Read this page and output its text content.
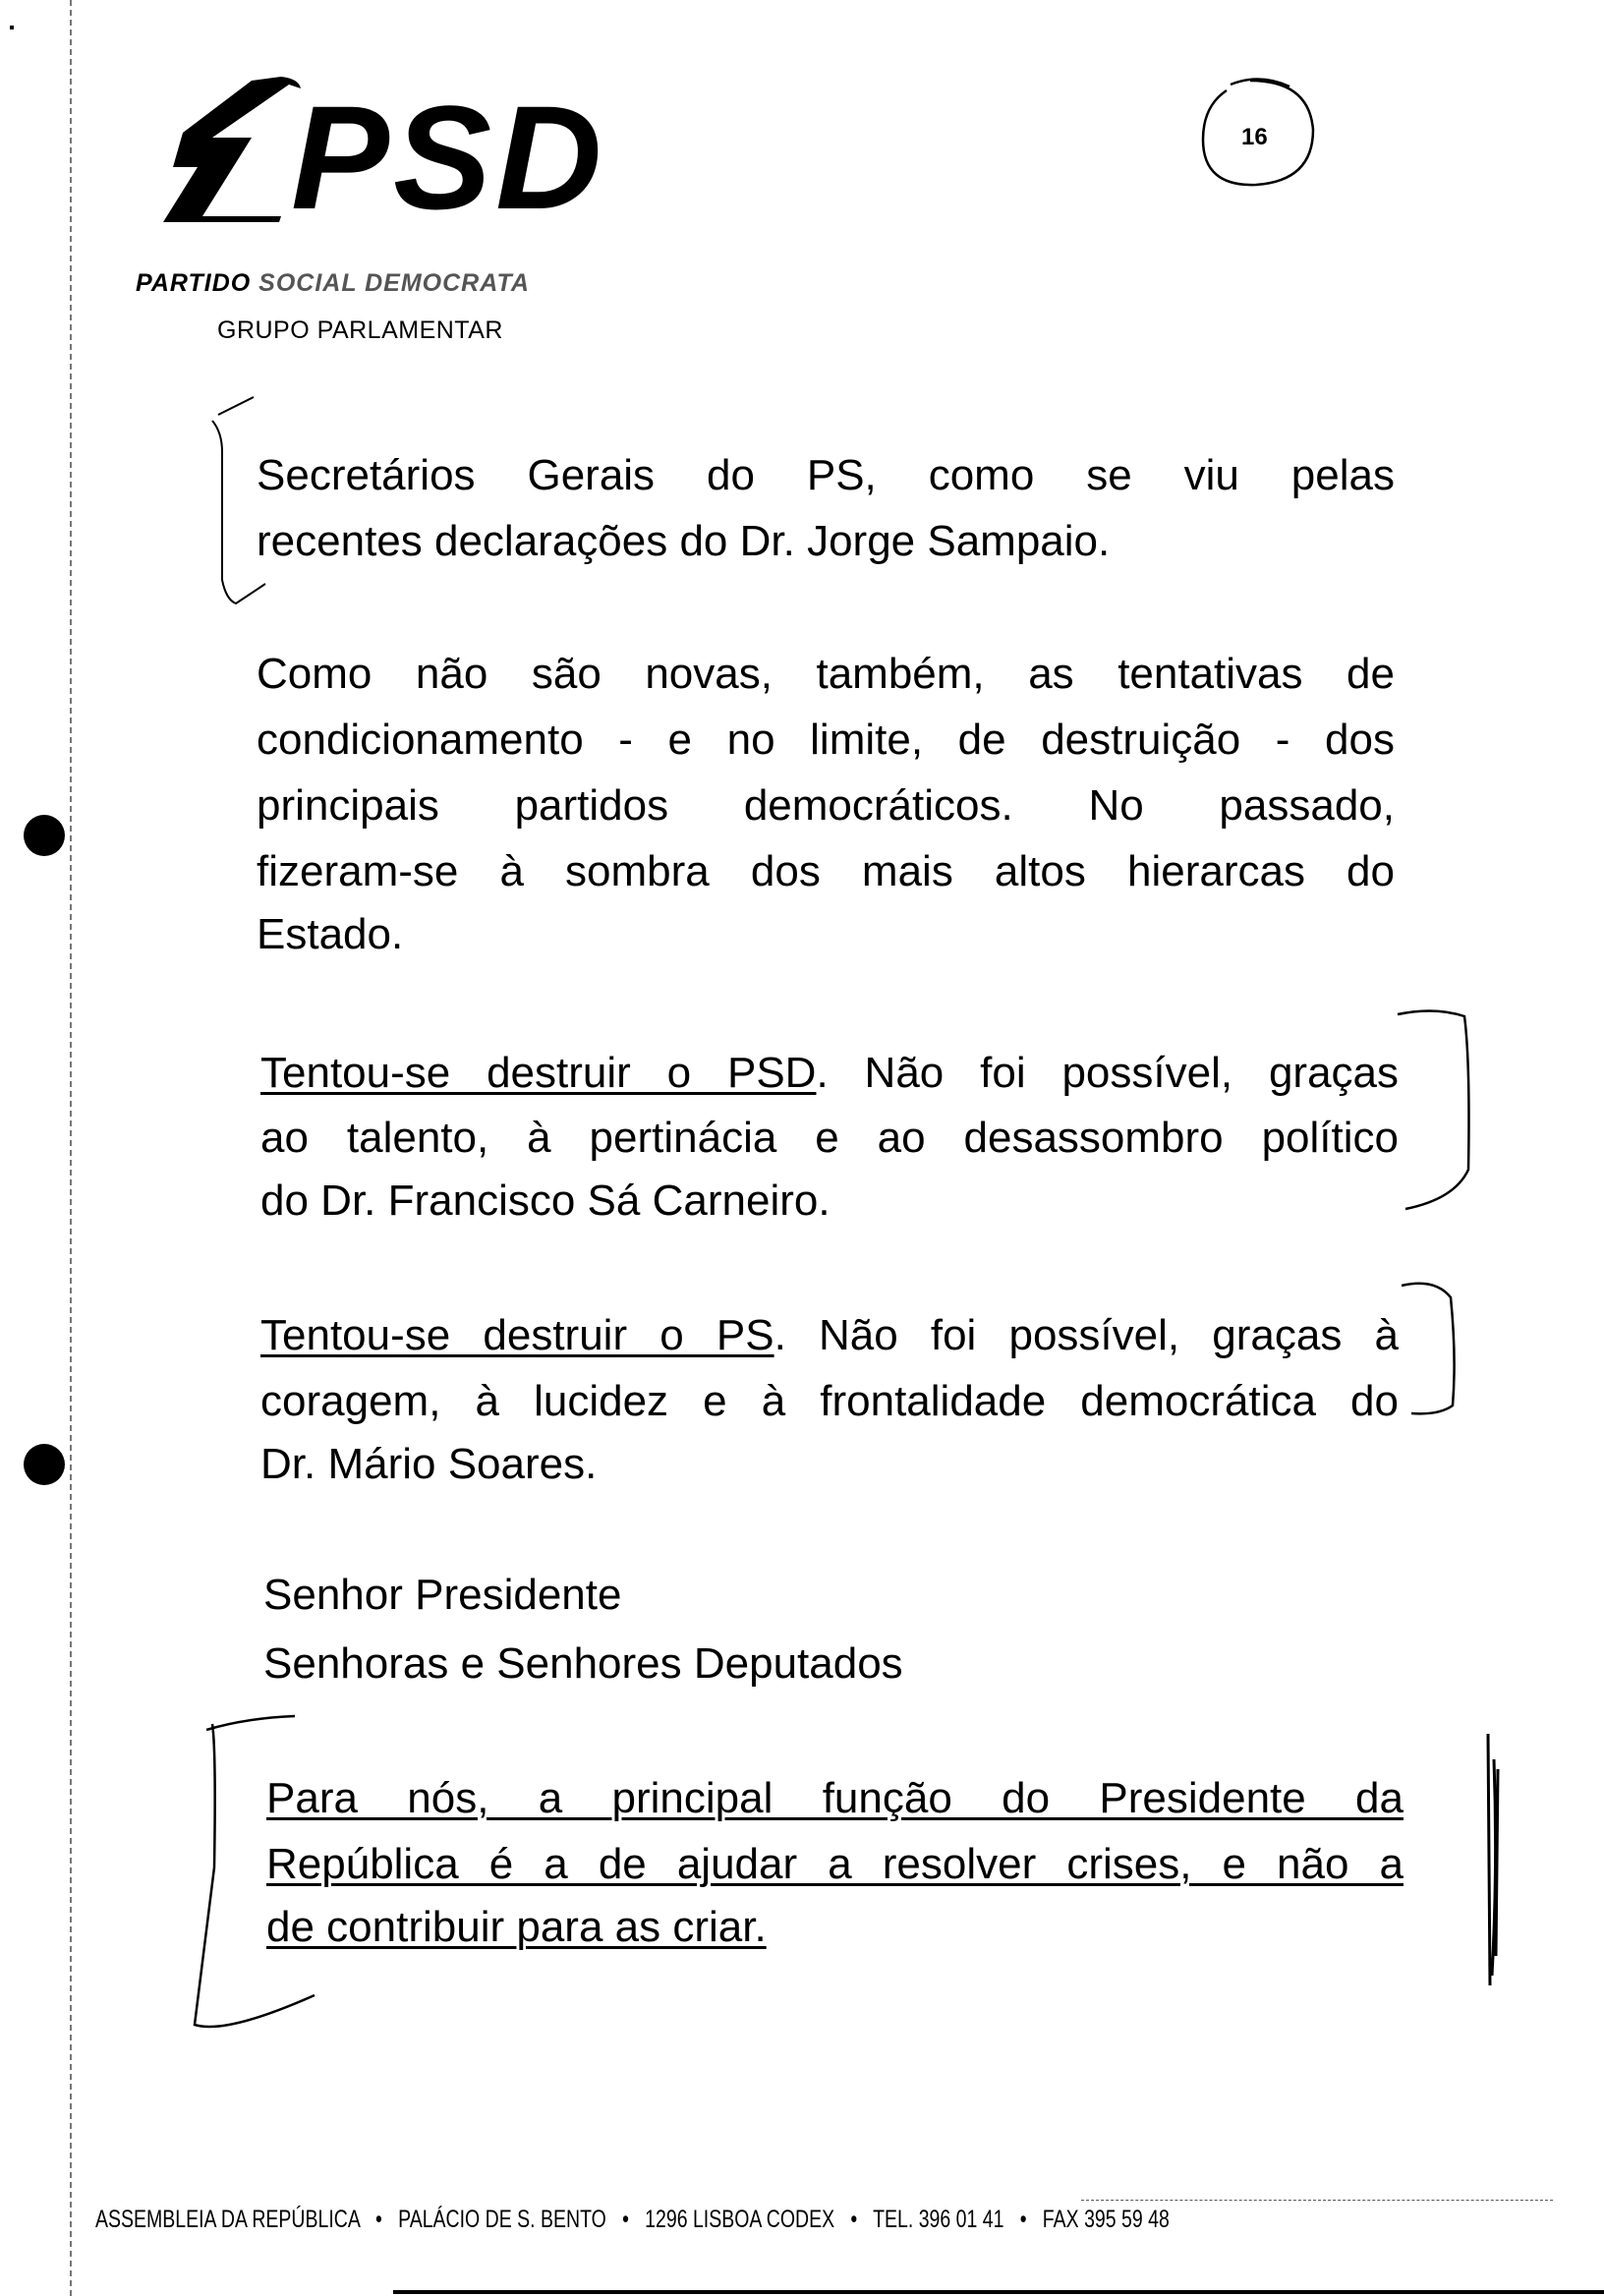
PSD
PARTIDO SOCIAL DEMOCRATA
GRUPO PARLAMENTAR
16
Secretários Gerais do PS, como se viu pelas
recentes declarações do Dr. Jorge Sampaio.
Como não são novas, também, as tentativas de
condicionamento - e no limite, de destruição - dos
principais partidos democráticos. No passado,
fizeram-se à sombra dos mais altos hierarcas do
Estado.
Tentou-se destruir o PSD. Não foi possível, graças
ao talento, à pertinácia e ao desassombro político
do Dr. Francisco Sá Carneiro.
Tentou-se destruir o PS. Não foi possível, graças à
coragem, à lucidez e à frontalidade democrática do
Dr. Mário Soares.
Senhor Presidente
Senhoras e Senhores Deputados
Para nós, a principal função do Presidente da
República é a de ajudar a resolver crises, e não a
de contribuir para as criar.
ASSEMBLEIA DA REPÚBLICA • PALÁCIO DE S. BENTO • 1296 LISBOA CODEX • TEL. 396 01 41 • FAX 395 59 48
